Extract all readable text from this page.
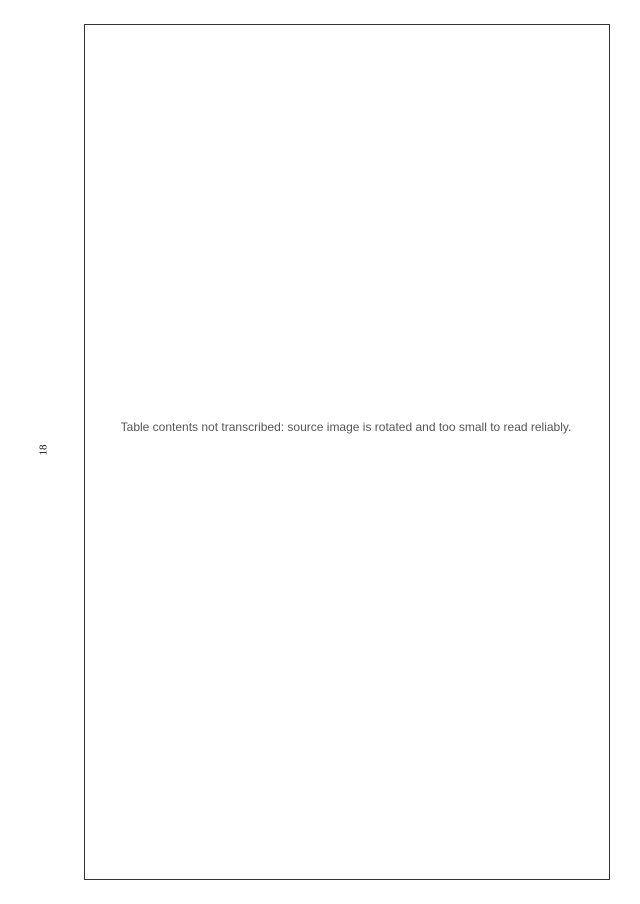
18
Table contents not transcribed: source image is rotated and too small to read reliably.
